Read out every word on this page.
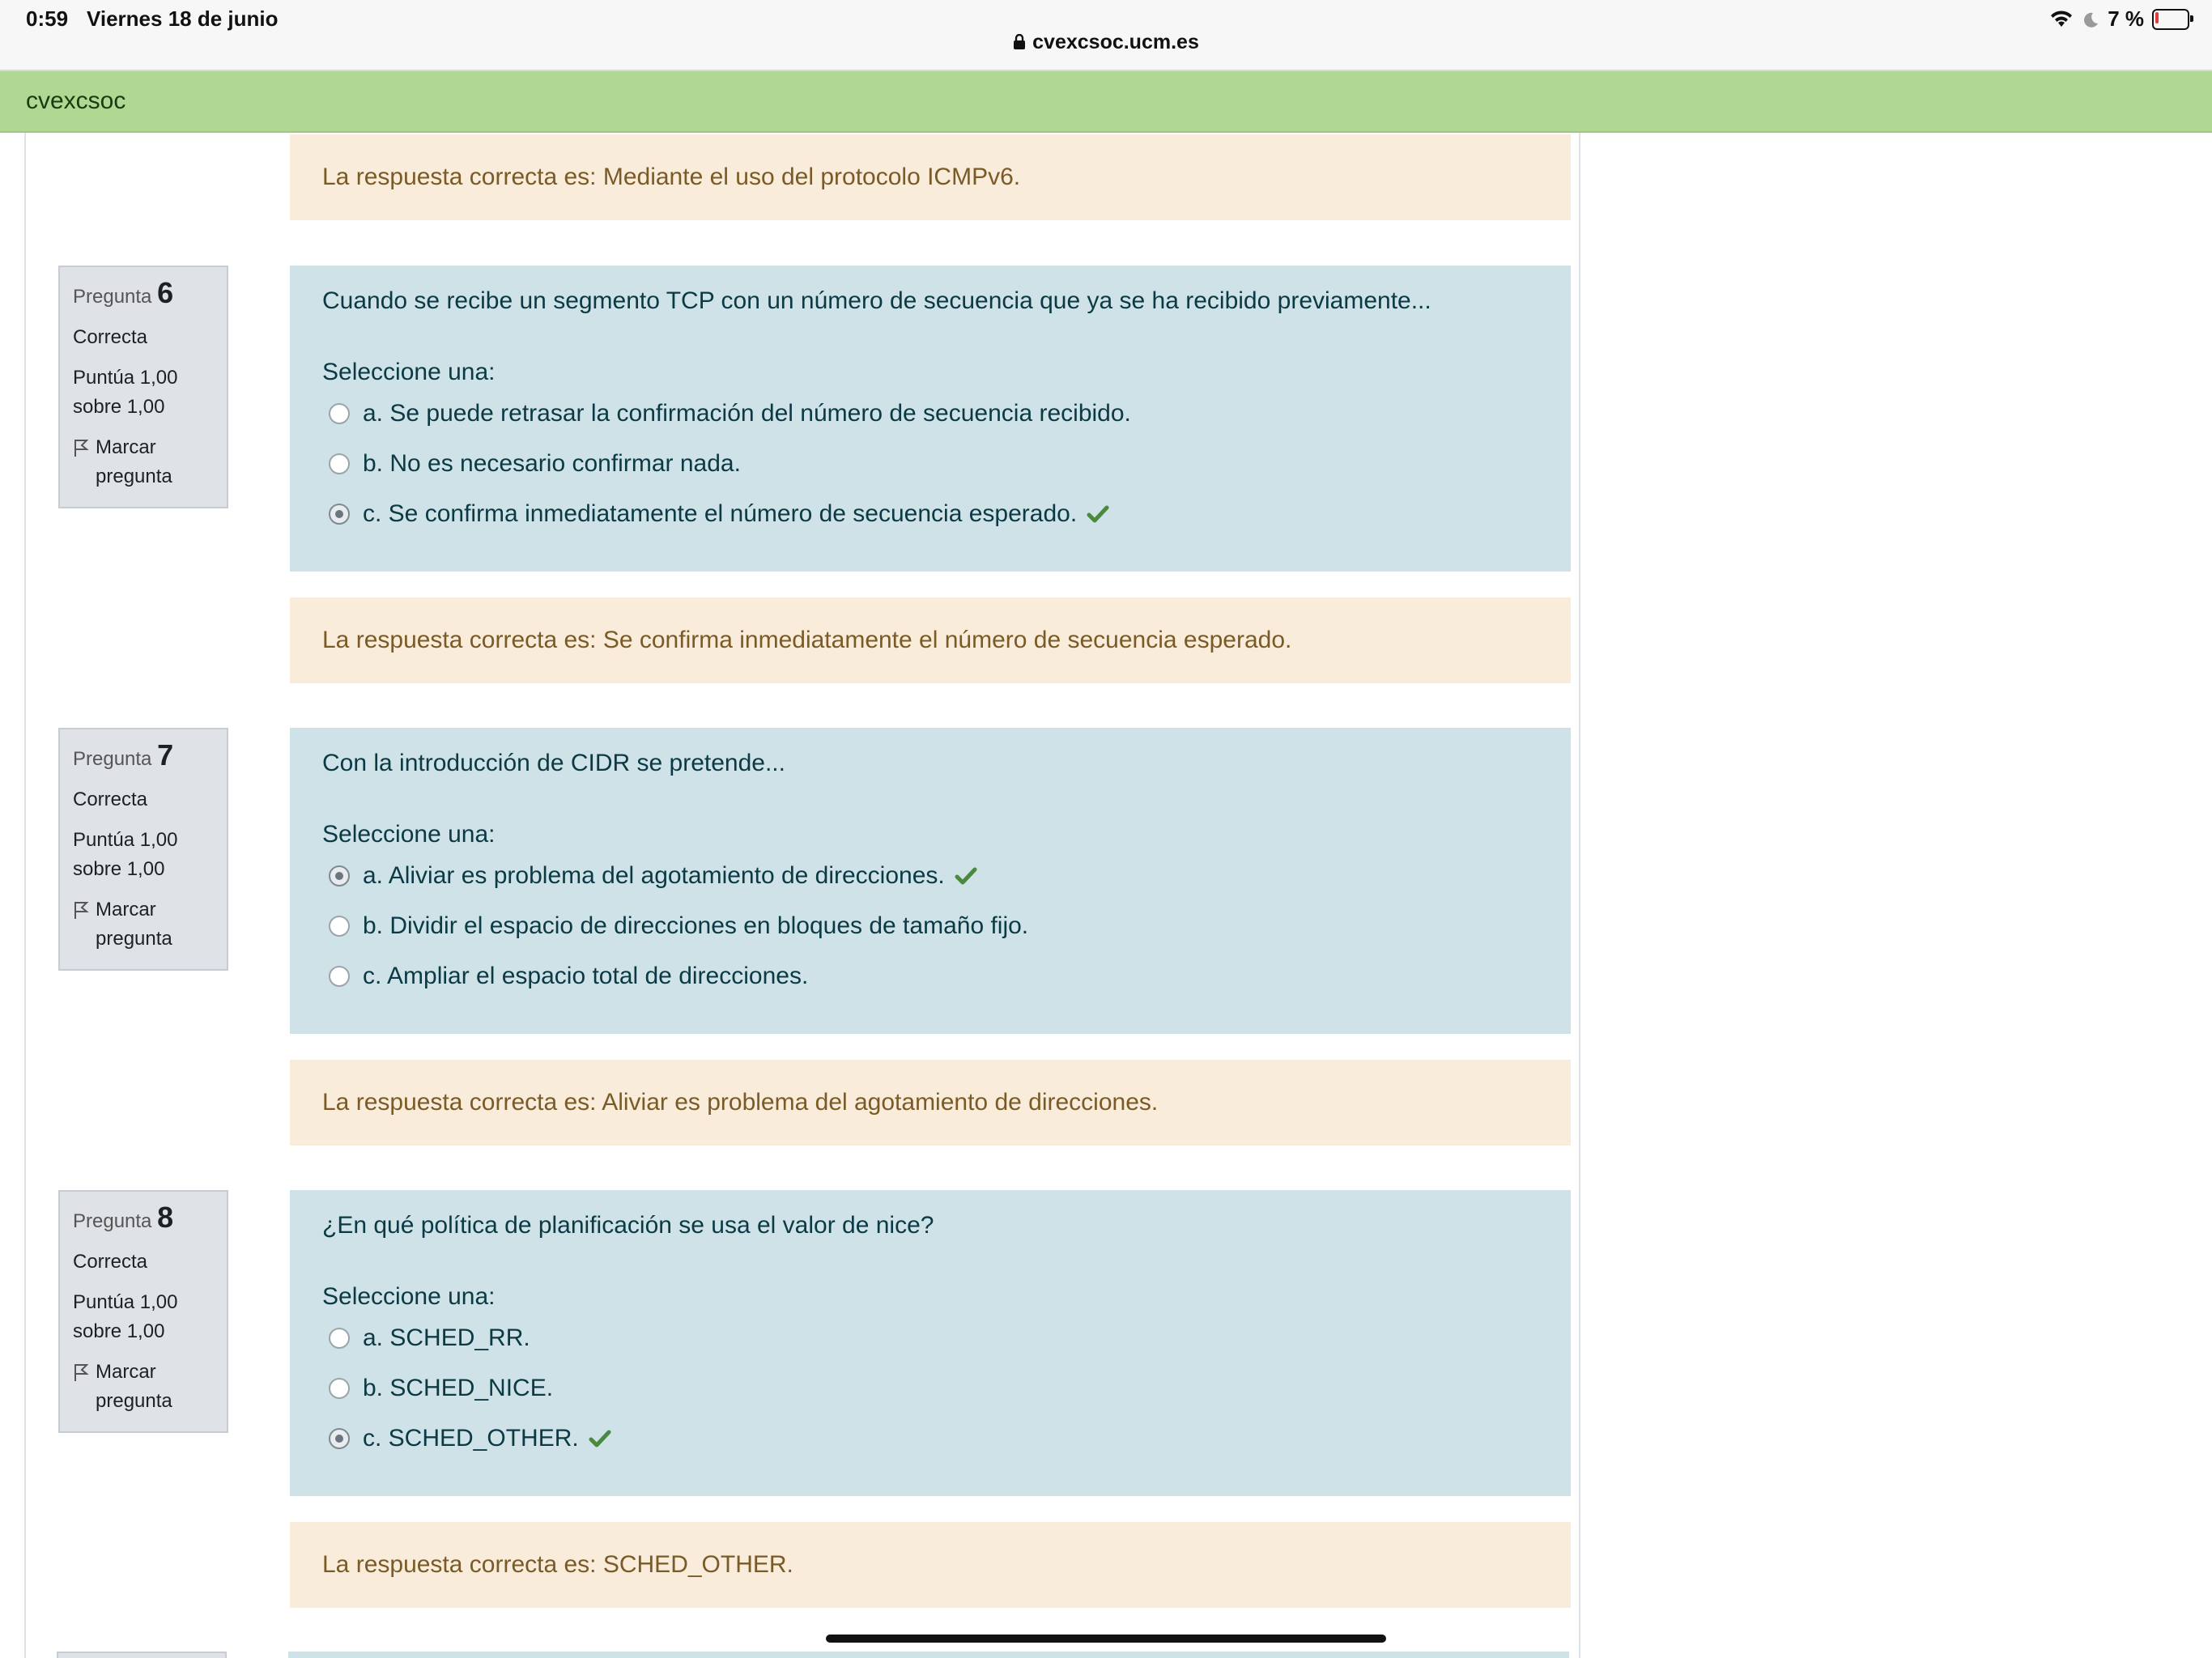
0:59 Viernes 18 de junio	7 %
cvexcsoc.ucm.es
cvexcsoc
La respuesta correcta es: Mediante el uso del protocolo ICMPv6.
Pregunta 6
Correcta
Puntúa 1,00
sobre 1,00
Marcar
pregunta
Cuando se recibe un segmento TCP con un número de secuencia que ya se ha recibido previamente...
Seleccione una:
a. Se puede retrasar la confirmación del número de secuencia recibido.
b. No es necesario confirmar nada.
c. Se confirma inmediatamente el número de secuencia esperado.
La respuesta correcta es: Se confirma inmediatamente el número de secuencia esperado.
Pregunta 7
Correcta
Puntúa 1,00
sobre 1,00
Marcar
pregunta
Con la introducción de CIDR se pretende...
Seleccione una:
a. Aliviar es problema del agotamiento de direcciones.
b. Dividir el espacio de direcciones en bloques de tamaño fijo.
c. Ampliar el espacio total de direcciones.
La respuesta correcta es: Aliviar es problema del agotamiento de direcciones.
Pregunta 8
Correcta
Puntúa 1,00
sobre 1,00
Marcar
pregunta
¿En qué política de planificación se usa el valor de nice?
Seleccione una:
a. SCHED_RR.
b. SCHED_NICE.
c. SCHED_OTHER.
La respuesta correcta es: SCHED_OTHER.
